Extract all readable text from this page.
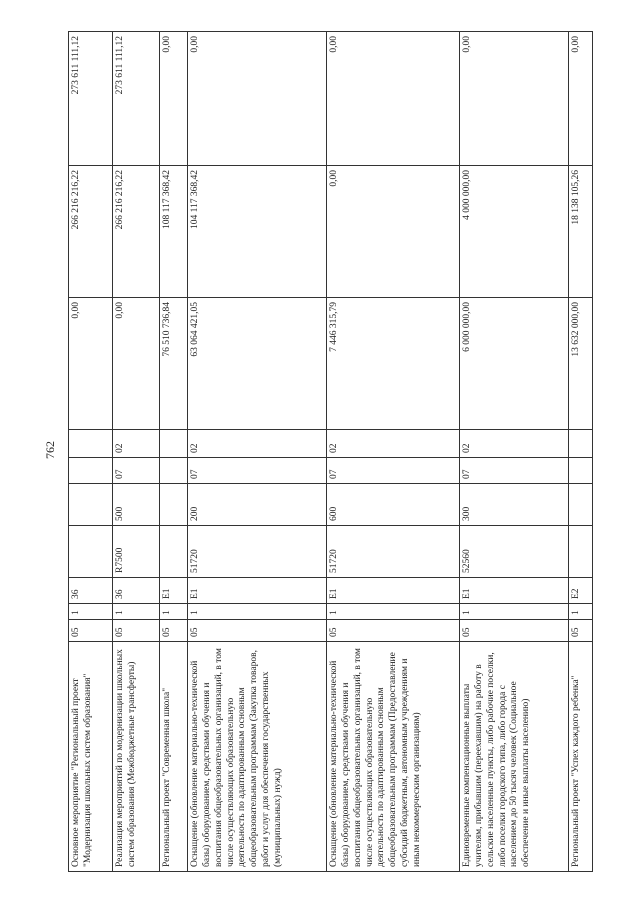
762
Основное мероприятие "Региональный проект "Модернизация школьных систем образования"	05	1	36					0,00	266 216 216,22	273 611 111,12
Реализация мероприятий по модернизации школьных систем образования (Межбюджетные трансферты)	05	1	36	R7500	500	07	02	0,00	266 216 216,22	273 611 111,12
Региональный проект "Современная школа"	05	1	E1					76 510 736,84	108 117 368,42	0,00
Оснащение (обновление материально-технической базы) оборудованием, средствами обучения и воспитания общеобразовательных организаций, в том числе осуществляющих образовательную деятельность по адаптированным основным общеобразовательным программам (Закупка товаров, работ и услуг для обеспечения государственных (муниципальных) нужд)	05	1	E1	51720	200	07	02	63 064 421,05	104 117 368,42	0,00
Оснащение (обновление материально-технической базы) оборудованием, средствами обучения и воспитания общеобразовательных организаций, в том числе осуществляющих образовательную деятельность по адаптированным основным общеобразовательным программам (Предоставление субсидий бюджетным, автономным учреждениям и иным некоммерческим организациям)	05	1	E1	51720	600	07	02	7 446 315,79	0,00	0,00
Единовременные компенсационные выплаты учителям, прибывшим (переехавшим) на работу в сельские населенные пункты, либо рабочие поселки, либо поселки городского типа, либо города с населением до 50 тысяч человек (Социальное обеспечение и иные выплаты населению)	05	1	E1	52560	300	07	02	6 000 000,00	4 000 000,00	0,00
Региональный проект "Успех каждого ребенка"	05	1	E2					13 632 000,00	18 138 105,26	0,00
